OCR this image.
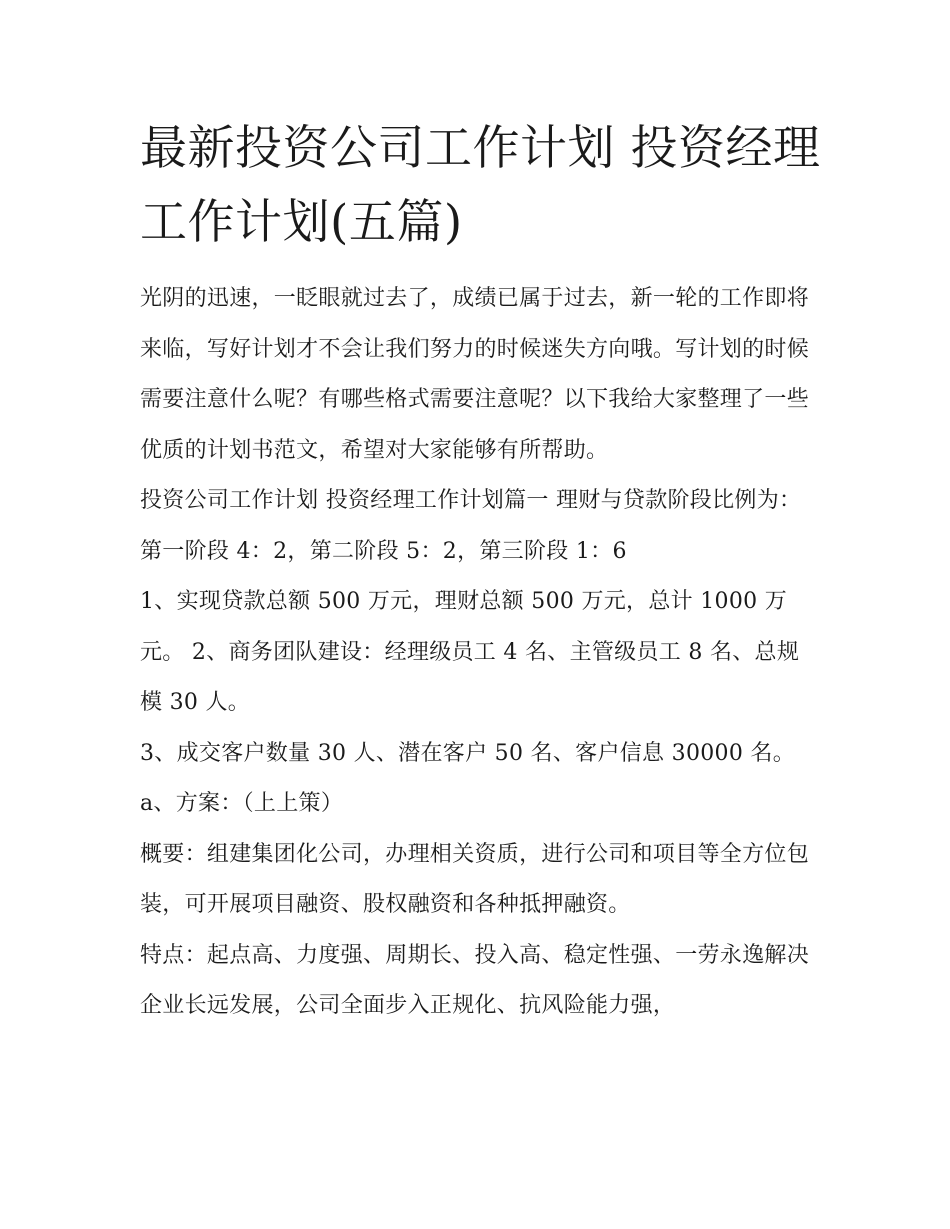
最新投资公司工作计划 投资经理工作计划(五篇)

光阴的迅速，一眨眼就过去了，成绩已属于过去，新一轮的工作即将来临，写好计划才不会让我们努力的时候迷失方向哦。写计划的时候需要注意什么呢？有哪些格式需要注意呢？以下我给大家整理了一些优质的计划书范文，希望对大家能够有所帮助。

投资公司工作计划 投资经理工作计划篇一 理财与贷款阶段比例为：第一阶段 4：2，第二阶段 5：2，第三阶段 1：6

1、实现贷款总额 500 万元，理财总额 500 万元，总计 1000 万元。 2、商务团队建设：经理级员工 4 名、主管级员工 8 名、总规模 30 人。

3、成交客户数量 30 人、潜在客户 50 名、客户信息 30000 名。 a、方案：（上上策）

概要：组建集团化公司，办理相关资质，进行公司和项目等全方位包装，可开展项目融资、股权融资和各种抵押融资。

特点：起点高、力度强、周期长、投入高、稳定性强、一劳永逸解决企业长远发展，公司全面步入正规化、抗风险能力强，
